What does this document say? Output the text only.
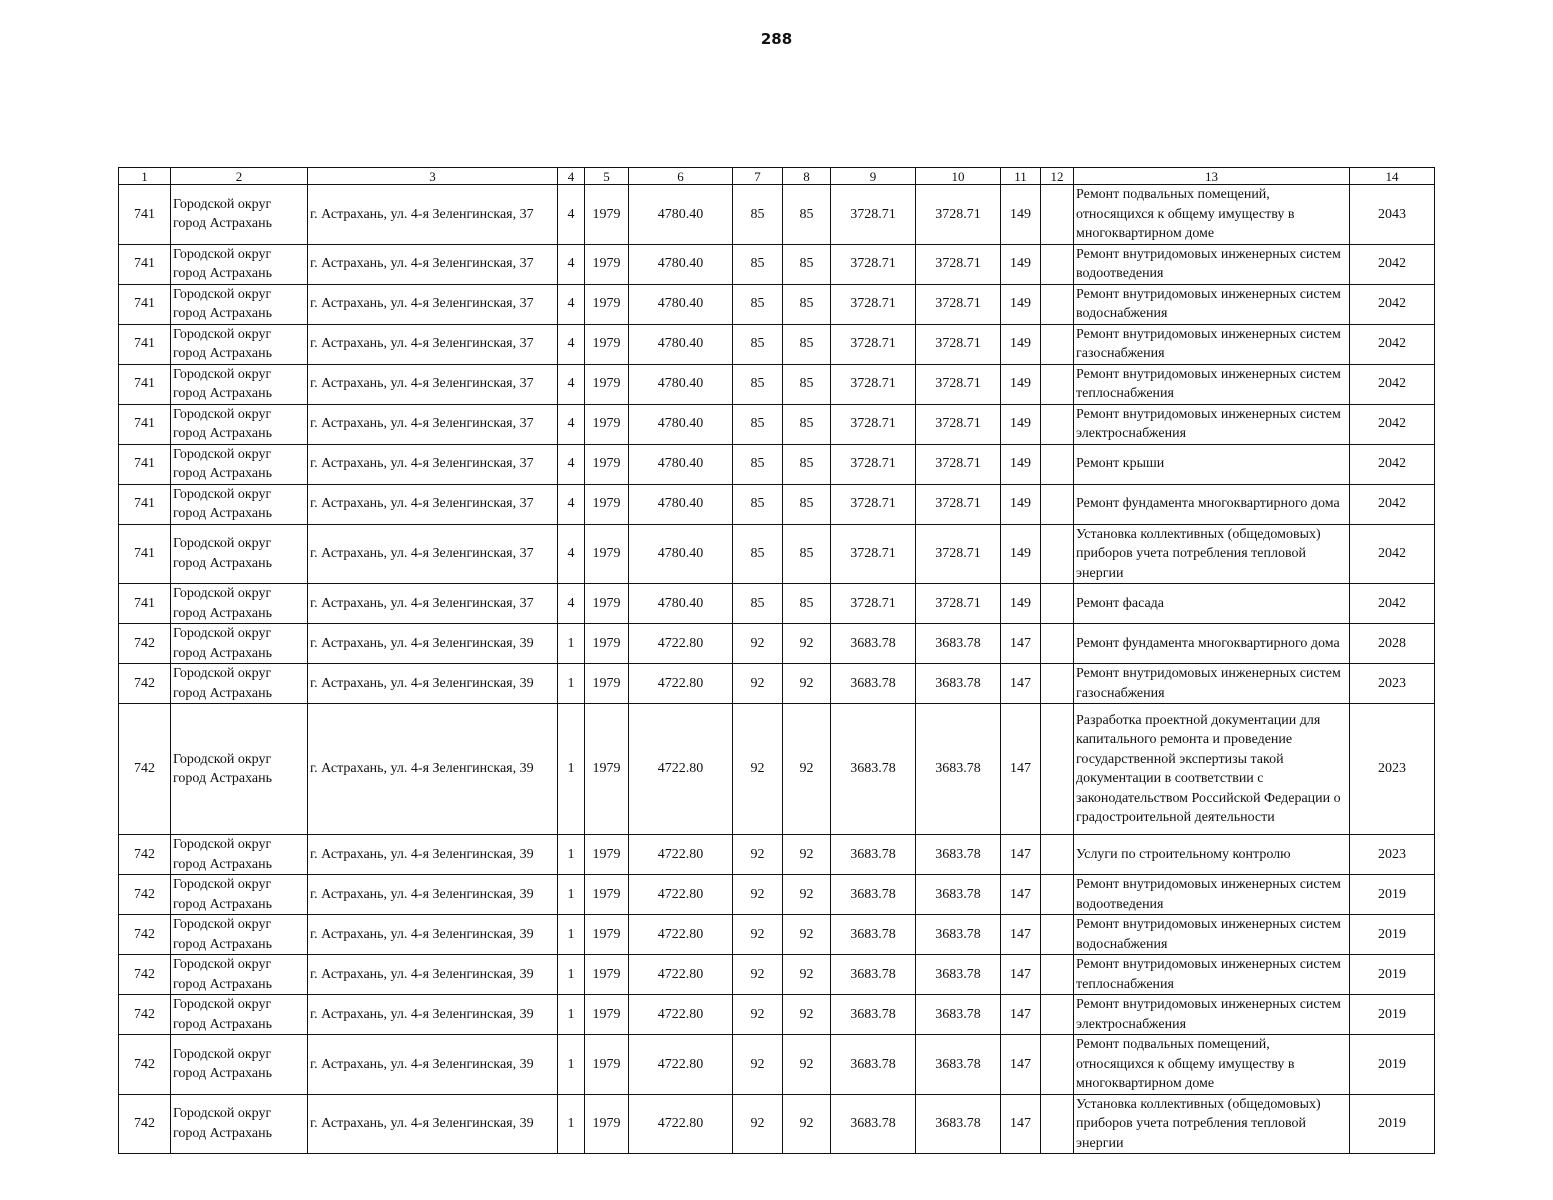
288
1	2	3	4	5	6	7	8	9	10	11	12	13	14
741	Городской округ город Астрахань	г. Астрахань, ул. 4-я Зеленгинская, 37	4	1979	4780.40	85	85	3728.71	3728.71	149		Ремонт подвальных помещений, относящихся к общему имуществу в многоквартирном доме	2043
741	Городской округ город Астрахань	г. Астрахань, ул. 4-я Зеленгинская, 37	4	1979	4780.40	85	85	3728.71	3728.71	149		Ремонт внутридомовых инженерных систем водоотведения	2042
741	Городской округ город Астрахань	г. Астрахань, ул. 4-я Зеленгинская, 37	4	1979	4780.40	85	85	3728.71	3728.71	149		Ремонт внутридомовых инженерных систем водоснабжения	2042
741	Городской округ город Астрахань	г. Астрахань, ул. 4-я Зеленгинская, 37	4	1979	4780.40	85	85	3728.71	3728.71	149		Ремонт внутридомовых инженерных систем газоснабжения	2042
741	Городской округ город Астрахань	г. Астрахань, ул. 4-я Зеленгинская, 37	4	1979	4780.40	85	85	3728.71	3728.71	149		Ремонт внутридомовых инженерных систем теплоснабжения	2042
741	Городской округ город Астрахань	г. Астрахань, ул. 4-я Зеленгинская, 37	4	1979	4780.40	85	85	3728.71	3728.71	149		Ремонт внутридомовых инженерных систем электроснабжения	2042
741	Городской округ город Астрахань	г. Астрахань, ул. 4-я Зеленгинская, 37	4	1979	4780.40	85	85	3728.71	3728.71	149		Ремонт крыши	2042
741	Городской округ город Астрахань	г. Астрахань, ул. 4-я Зеленгинская, 37	4	1979	4780.40	85	85	3728.71	3728.71	149		Ремонт фундамента многоквартирного дома	2042
741	Городской округ город Астрахань	г. Астрахань, ул. 4-я Зеленгинская, 37	4	1979	4780.40	85	85	3728.71	3728.71	149		Установка коллективных (общедомовых) приборов учета потребления тепловой энергии	2042
741	Городской округ город Астрахань	г. Астрахань, ул. 4-я Зеленгинская, 37	4	1979	4780.40	85	85	3728.71	3728.71	149		Ремонт фасада	2042
742	Городской округ город Астрахань	г. Астрахань, ул. 4-я Зеленгинская, 39	1	1979	4722.80	92	92	3683.78	3683.78	147		Ремонт фундамента многоквартирного дома	2028
742	Городской округ город Астрахань	г. Астрахань, ул. 4-я Зеленгинская, 39	1	1979	4722.80	92	92	3683.78	3683.78	147		Ремонт внутридомовых инженерных систем газоснабжения	2023
742	Городской округ город Астрахань	г. Астрахань, ул. 4-я Зеленгинская, 39	1	1979	4722.80	92	92	3683.78	3683.78	147		Разработка проектной документации для капитального ремонта и проведение государственной экспертизы такой документации в соответствии с законодательством Российской Федерации о градостроительной деятельности	2023
742	Городской округ город Астрахань	г. Астрахань, ул. 4-я Зеленгинская, 39	1	1979	4722.80	92	92	3683.78	3683.78	147		Услуги по строительному контролю	2023
742	Городской округ город Астрахань	г. Астрахань, ул. 4-я Зеленгинская, 39	1	1979	4722.80	92	92	3683.78	3683.78	147		Ремонт внутридомовых инженерных систем водоотведения	2019
742	Городской округ город Астрахань	г. Астрахань, ул. 4-я Зеленгинская, 39	1	1979	4722.80	92	92	3683.78	3683.78	147		Ремонт внутридомовых инженерных систем водоснабжения	2019
742	Городской округ город Астрахань	г. Астрахань, ул. 4-я Зеленгинская, 39	1	1979	4722.80	92	92	3683.78	3683.78	147		Ремонт внутридомовых инженерных систем теплоснабжения	2019
742	Городской округ город Астрахань	г. Астрахань, ул. 4-я Зеленгинская, 39	1	1979	4722.80	92	92	3683.78	3683.78	147		Ремонт внутридомовых инженерных систем электроснабжения	2019
742	Городской округ город Астрахань	г. Астрахань, ул. 4-я Зеленгинская, 39	1	1979	4722.80	92	92	3683.78	3683.78	147		Ремонт подвальных помещений, относящихся к общему имуществу в многоквартирном доме	2019
742	Городской округ город Астрахань	г. Астрахань, ул. 4-я Зеленгинская, 39	1	1979	4722.80	92	92	3683.78	3683.78	147		Установка коллективных (общедомовых) приборов учета потребления тепловой энергии	2019
